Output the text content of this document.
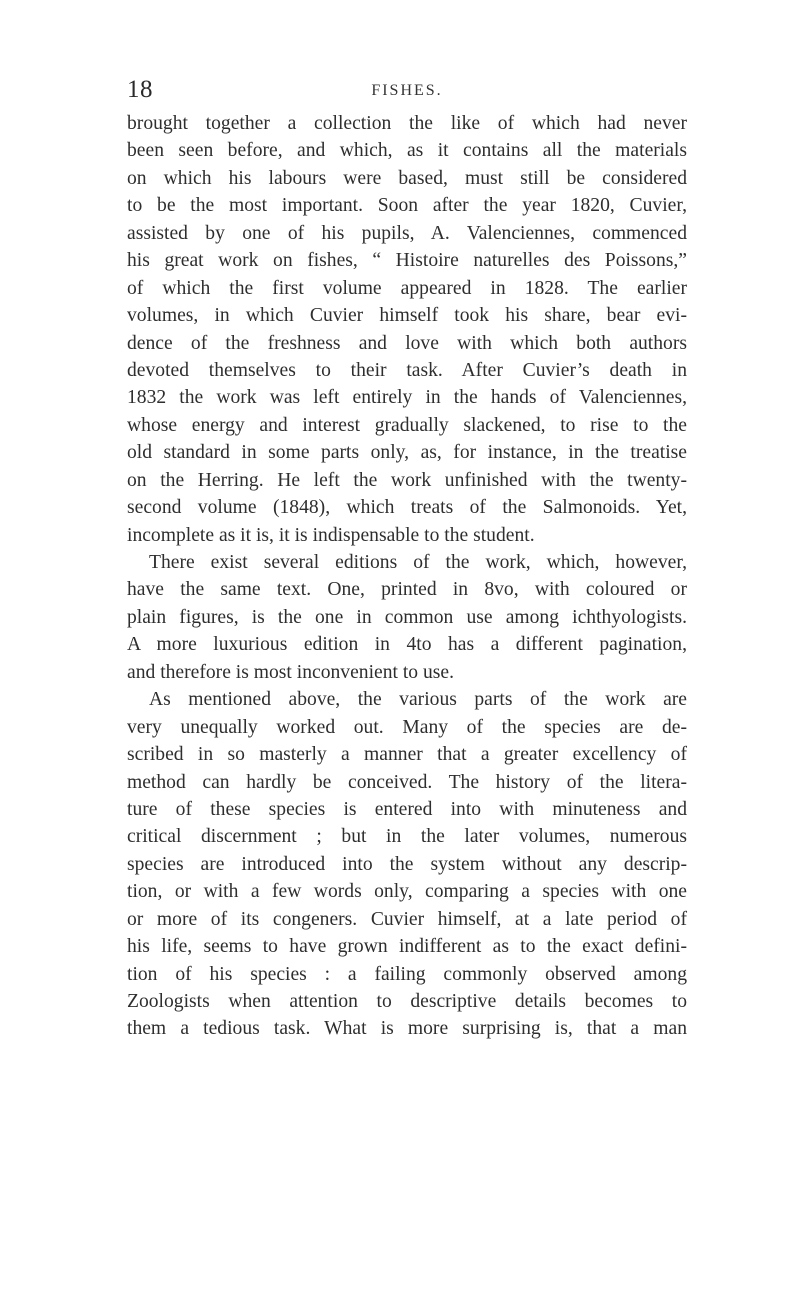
18	FISHES.
brought together a collection the like of which had never
been seen before, and which, as it contains all the materials
on which his labours were based, must still be considered
to be the most important. Soon after the year 1820, Cuvier,
assisted by one of his pupils, A. Valenciennes, commenced
his great work on fishes, “ Histoire naturelles des Poissons,”
of which the first volume appeared in 1828. The earlier
volumes, in which Cuvier himself took his share, bear evi-
dence of the freshness and love with which both authors
devoted themselves to their task. After Cuvier’s death in
1832 the work was left entirely in the hands of Valenciennes,
whose energy and interest gradually slackened, to rise to the
old standard in some parts only, as, for instance, in the treatise
on the Herring. He left the work unfinished with the twenty-
second volume (1848), which treats of the Salmonoids. Yet,
incomplete as it is, it is indispensable to the student.
There exist several editions of the work, which, however,
have the same text. One, printed in 8vo, with coloured or
plain figures, is the one in common use among ichthyologists.
A more luxurious edition in 4to has a different pagination,
and therefore is most inconvenient to use.
As mentioned above, the various parts of the work are
very unequally worked out. Many of the species are de-
scribed in so masterly a manner that a greater excellency of
method can hardly be conceived. The history of the litera-
ture of these species is entered into with minuteness and
critical discernment ; but in the later volumes, numerous
species are introduced into the system without any descrip-
tion, or with a few words only, comparing a species with one
or more of its congeners. Cuvier himself, at a late period of
his life, seems to have grown indifferent as to the exact defini-
tion of his species : a failing commonly observed among
Zoologists when attention to descriptive details becomes to
them a tedious task. What is more surprising is, that a man
